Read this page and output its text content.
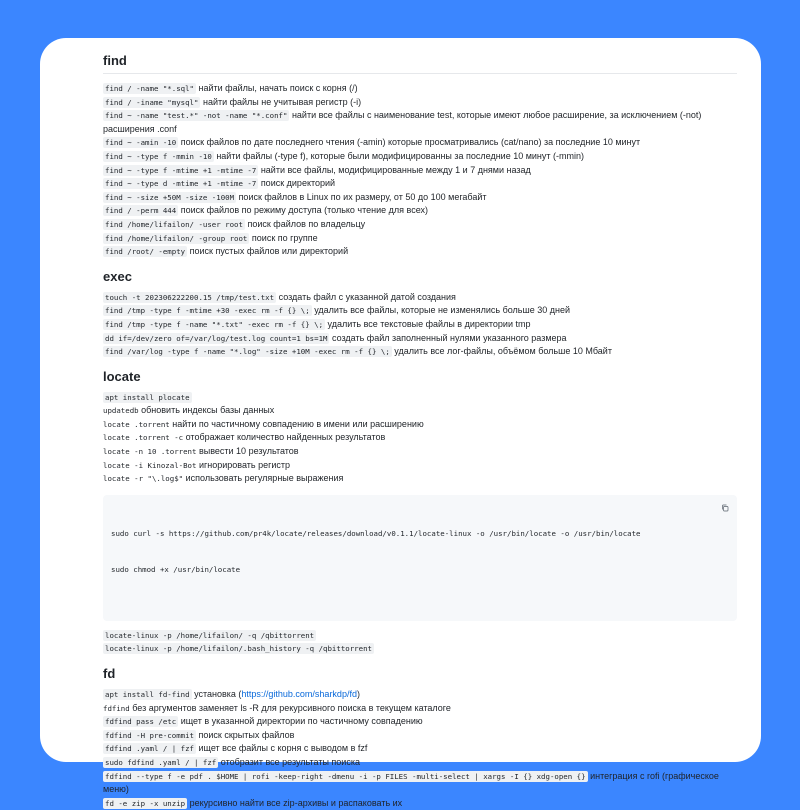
find
find / -name "*.sql" найти файлы, начать поиск с корня (/)
find / -iname "mysql" найти файлы не учитывая регистр (-i)
find ~ -name "test.*" -not -name "*.conf" найти все файлы с наименование test, которые имеют любое расширение, за исключением (-not) расширения .conf
find ~ -amin -10 поиск файлов по дате последнего чтения (-amin) которые просматривались (cat/nano) за последние 10 минут
find ~ -type f -mmin -10 найти файлы (-type f), которые были модифицированны за последние 10 минут (-mmin)
find ~ -type f -mtime +1 -mtime -7 найти все файлы, модифицированные между 1 и 7 днями назад
find ~ -type d -mtime +1 -mtime -7 поиск директорий
find ~ -size +50M -size -100M поиск файлов в Linux по их размеру, от 50 до 100 мегабайт
find / -perm 444 поиск файлов по режиму доступа (только чтение для всех)
find /home/lifailon/ -user root поиск файлов по владельцу
find /home/lifailon/ -group root поиск по группе
find /root/ -empty поиск пустых файлов или директорий
exec
touch -t 202306222200.15 /tmp/test.txt создать файл с указанной датой создания
find /tmp -type f -mtime +30 -exec rm -f {} \; удалить все файлы, которые не изменялись больше 30 дней
find /tmp -type f -name "*.txt" -exec rm -f {} \; удалить все текстовые файлы в директории tmp
dd if=/dev/zero of=/var/log/test.log count=1 bs=1M создать файл заполненный нулями указанного размера
find /var/log -type f -name "*.log" -size +10M -exec rm -f {} \; удалить все лог-файлы, объёмом больше 10 Мбайт
locate
apt install plocate
updatedb обновить индексы базы данных
locate .torrent найти по частичному совпадению в имени или расширению
locate .torrent -c отображает количество найденных результатов
locate -n 10 .torrent вывести 10 результатов
locate -i Kinozal-Bot игнорировать регистр
locate -r "\.log$" использовать регулярные выражения

sudo curl -s https://github.com/pr4k/locate/releases/download/v0.1.1/locate-linux -o /usr/bin/locate -o /usr/bin/locate

sudo chmod +x /usr/bin/locate

locate-linux -p /home/lifailon/ -q /qbittorrent
locate-linux -p /home/lifailon/.bash_history -q /qbittorrent
fd
apt install fd-find установка (https://github.com/sharkdp/fd)
fdfind без аргументов заменяет ls -R для рекурсивного поиска в текущем каталоге
fdfind pass /etc ищет в указанной директории по частичному совпадению
fdfind -H pre-commit поиск скрытых файлов
fdfind .yaml / | fzf ищет все файлы с корня с выводом в fzf
sudo fdfind .yaml / | fzf отобразит все результаты поиска
fdfind --type f -e pdf . $HOME | rofi -keep-right -dmenu -i -p FILES -multi-select | xargs -I {} xdg-open {} интеграция с rofi (графическое меню)
fd -e zip -x unzip рекурсивно найти все zip-архивы и распаковать их
